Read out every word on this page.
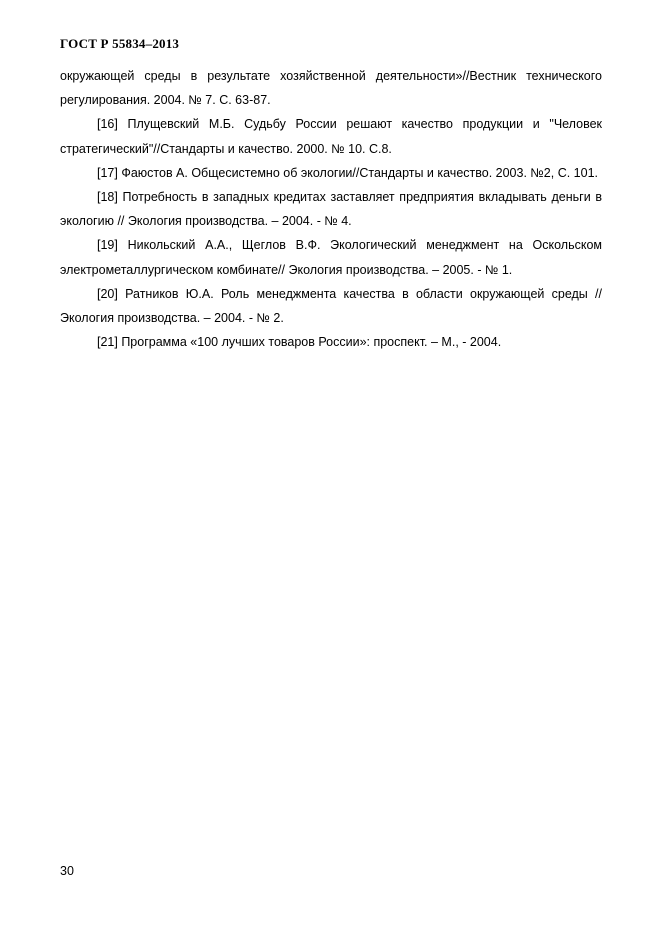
ГОСТ Р 55834–2013

окружающей среды в результате хозяйственной деятельности»//Вестник технического регулирования. 2004. № 7. С. 63-87.

[16] Плущевский М.Б. Судьбу России решают качество продукции и "Человек стратегический"//Стандарты и качество. 2000. № 10. С.8.

[17] Фаюстов А. Общесистемно об экологии//Стандарты и качество. 2003. №2, С. 101.

[18] Потребность в западных кредитах заставляет предприятия вкладывать деньги в экологию // Экология производства. – 2004. - № 4.

[19] Никольский А.А., Щеглов В.Ф. Экологический менеджмент на Оскольском электрометаллургическом комбинате// Экология производства. – 2005. - № 1.

[20] Ратников Ю.А. Роль менеджмента качества в области окружающей среды // Экология производства. – 2004. - № 2.

[21] Программа «100 лучших товаров России»: проспект. – М., - 2004.

30
